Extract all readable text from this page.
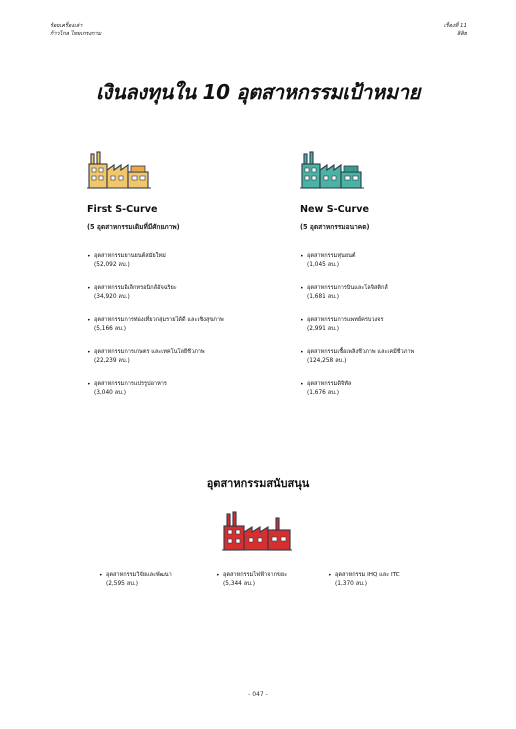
ร้อยเครื่องเล่า
ก้าวไกล ไทยเกรงกาม
เรื่องที่ 11
ลิลิธ
เงินลงทุนใน 10 อุตสาหกรรมเป้าหมาย
First S-Curve
(5 อุตสาหกรรมเดิมที่มีศักยภาพ)
• อุตสาหกรรมยานยนต์สมัยใหม่
(52,092 ลบ.)
• อุตสาหกรรมอิเล็กทรอนิกส์อัจฉริยะ
(34,920 ลบ.)
• อุตสาหกรรมการท่องเที่ยวกลุ่มรายได้ดี และเชิงสุขภาพ
(5,166 ลบ.)
• อุตสาหกรรมการเกษตร และเทคโนโลยีชีวภาพ
(22,239 ลบ.)
• อุตสาหกรรมการแปรรูปอาหาร
(3,040 ลบ.)
New S-Curve
(5 อุตสาหกรรมอนาคต)
• อุตสาหกรรมหุ่นยนต์
(1,045 ลบ.)
• อุตสาหกรรมการบินและโลจิสติกส์
(1,681 ลบ.)
• อุตสาหกรรมการแพทย์ครบวงจร
(2,991 ลบ.)
• อุตสาหกรรมเชื้อเพลิงชีวภาพ และเคมีชีวภาพ
(124,258 ลบ.)
• อุตสาหกรรมดิจิทัล
(1,676 ลบ.)
อุตสาหกรรมสนับสนุน
• อุตสาหกรรมวิจัยและพัฒนา
(2,595 ลบ.)
• อุตสาหกรรมไฟฟ้าจากขยะ
(5,344 ลบ.)
• อุตสาหกรรม IHQ และ ITC
(1,370 ลบ.)
- 047 -
